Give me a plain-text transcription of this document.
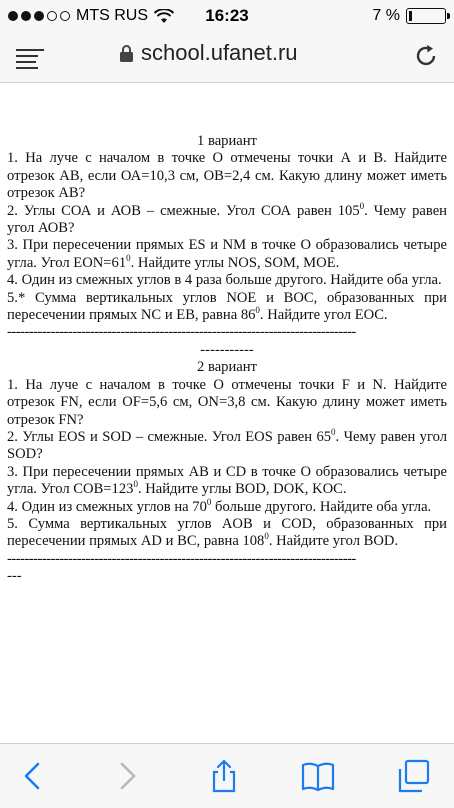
MTS RUS	16:23	7 %
school.ufanet.ru

1 вариант

1. На луче с началом в точке О отмечены точки А и В. Найдите отрезок АВ, если ОА=10,3 см, ОВ=2,4 см. Какую длину может иметь отрезок АВ?

2. Углы СОА и АОВ – смежные. Угол СОА равен $105^0$. Чему равен угол АОВ?

3. При пересечении прямых ES и NM в точке О образовались четыре угла. Угол $EON=61^0$. Найдите углы NOS, SOM, MOE.

4. Один из смежных углов в 4 раза больше другого. Найдите оба угла.

5.* Сумма вертикальных углов NOE и BOC, образованных при пересечении прямых NC и EB, равна $86^0$. Найдите угол EOC.

--------------------------------------------------------------------------------

-----------

2 вариант

1. На луче с началом в точке О отмечены точки F и N. Найдите отрезок FN, если OF=5,6 см, ON=3,8 см. Какую длину может иметь отрезок FN?

2. Углы EOS и SOD – смежные. Угол EOS равен $65^0$. Чему равен угол SOD?

3. При пересечении прямых АВ и CD в точке О образовались четыре угла. Угол $COB=123^0$. Найдите углы BOD, DOK, KOC.

4. Один из смежных углов на $70^0$ больше другого. Найдите оба угла.

5. Сумма вертикальных углов AOB и COD, образованных при пересечении прямых AD и BC, равна $108^0$. Найдите угол BOD.

--------------------------------------------------------------------------------

---
